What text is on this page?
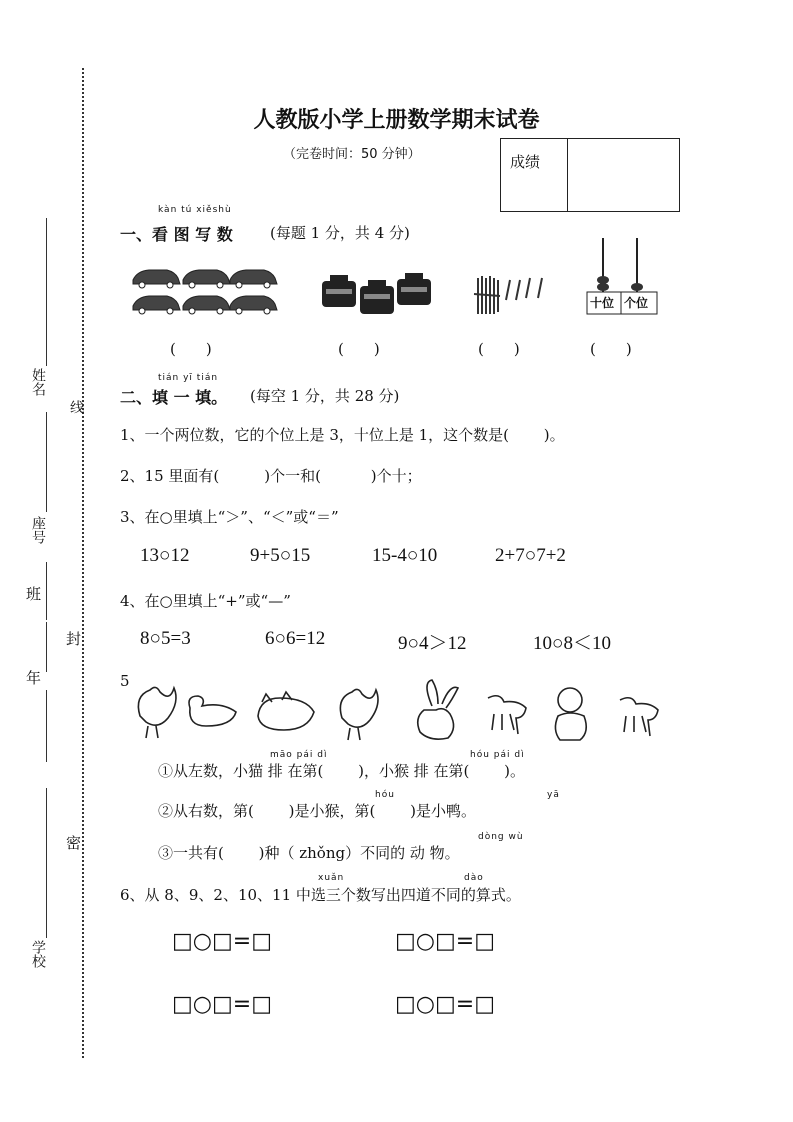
姓名
线
座号
班
封
年
密
学校
人教版小学上册数学期末试卷
（完卷时间：50 分钟）	成绩
kàn tú xiěshù
一、看 图 写 数 (每题 1 分，共 4 分)
十位 个位
(　　)	(　　)	(　　)	(　　)
tián yī tián
二、填 一 填。 (每空 1 分，共 28 分)
1、一个两位数，它的个位上是 3，十位上是 1，这个数是(　　 )。
2、15 里面有(　　　)个一和(　　　 )个十；
3、在○里填上“＞”、“＜”或“＝”
13○12	9+5○15	15-4○10	2+7○7+2
4、在○里填上“+”或“—”
8○5=3	6○6=12	9○4＞12	10○8＜10
5
māo pái dì	hóu pái dì
①从左数，小猫 排 在第(　　 )，小猴 排 在第(　　 )。
hóu	yā
②从右数，第(　　 )是小猴，第(　　 )是小鸭。
dòng wù
③一共有(　　 )种（ zhǒng）不同的 动 物。
xuǎn	dào
6、从 8、9、2、10、11 中选三个数写出四道不同的算式。
□○□=□	□○□=□
□○□=□	□○□=□
